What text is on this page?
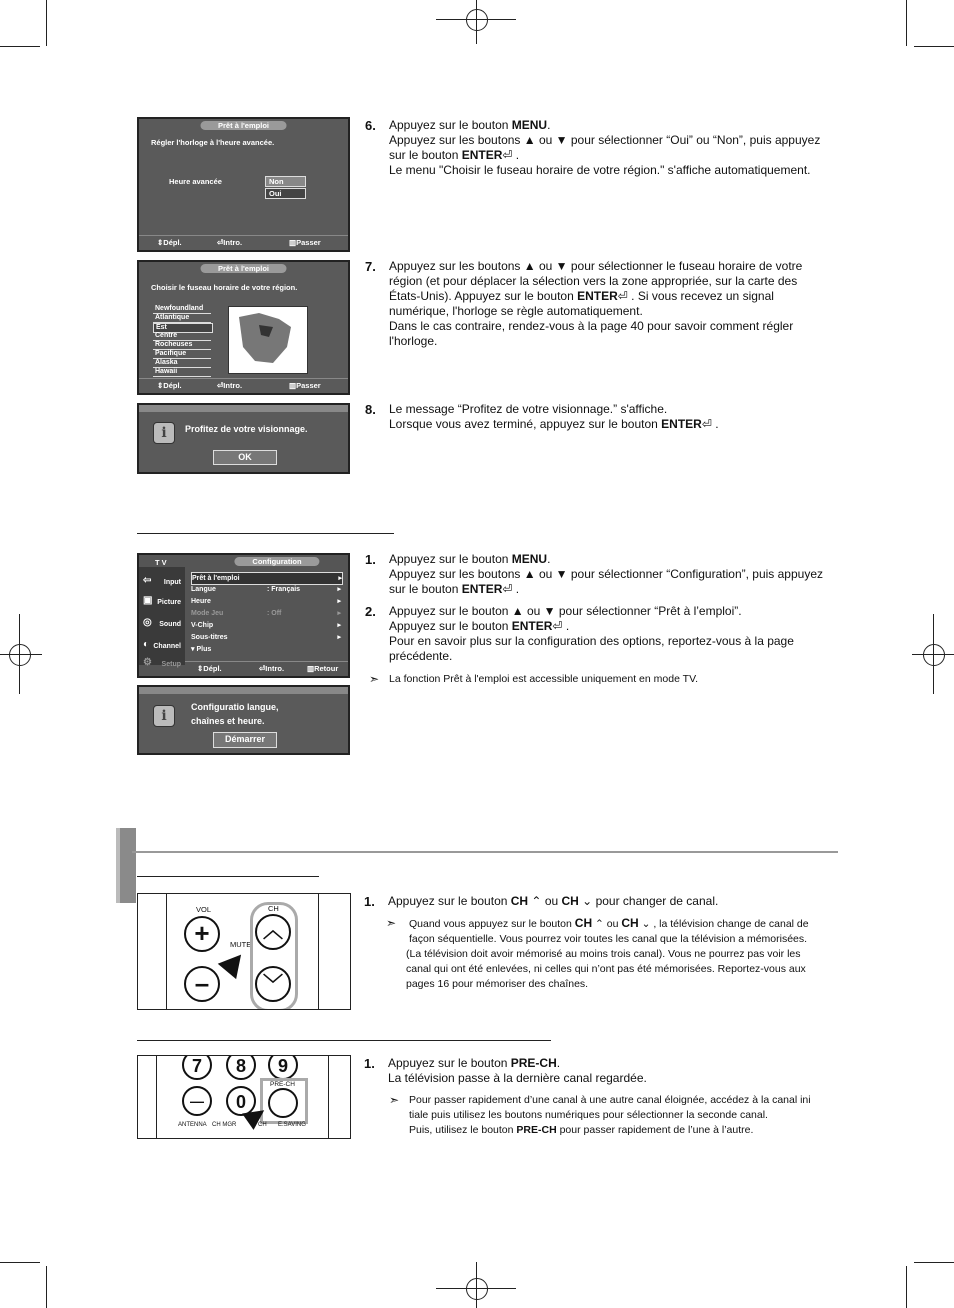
Prêt à l'emploi
Régler l'horloge à l'heure avancée.
Heure avancée	Non
Oui
⇕ Dépl.	⏎ Intro.	▥ Passer
6. Appuyez sur le bouton MENU.
Appuyez sur les boutons ▲ ou ▼ pour sélectionner “Oui” ou “Non”, puis appuyez
sur le bouton ENTER⏎ .
Le menu "Choisir le fuseau horaire de votre région." s'affiche automatiquement.
Prêt à l'emploi
Choisir le fuseau horaire de votre région.
Newfoundland
Atlantique
Est
Centre
Rocheuses
Pacifique
Alaska
Hawaii
⇕ Dépl.	⏎ Intro.	▥ Passer
7. Appuyez sur les boutons ▲ ou ▼ pour sélectionner le fuseau horaire de votre
région (et pour déplacer la sélection vers la zone appropriée, sur la carte des
États-Unis). Appuyez sur le bouton ENTER⏎ . Si vous recevez un signal
numérique, l'horloge se règle automatiquement.
Dans le cas contraire, rendez-vous à la page 40 pour savoir comment régler
l'horloge.
i	Profitez de votre visionnage.
OK
8. Le message “Profitez de votre visionnage.” s'affiche.
Lorsque vous avez terminé, appuyez sur le bouton ENTER⏎ .
T V	Configuration
⇦ Input
▣ Picture
◎ Sound
◐ Channel
⚙ Setup
Prêt à l'emploi	▸
Langue	: Français	▸
Heure	▸
Mode Jeu	: Off	▸
V-Chip	▸
Sous-titres	▸
▾ Plus
⇕ Dépl.	⏎ Intro.	▥ Retour
1. Appuyez sur le bouton MENU.
Appuyez sur les boutons ▲ ou ▼ pour sélectionner “Configuration”, puis appuyez
sur le bouton ENTER⏎ .
2. Appuyez sur le bouton ▲ ou ▼ pour sélectionner “Prêt à l’emploi”.
Appuyez sur le bouton ENTER⏎ .
Pour en savoir plus sur la configuration des options, reportez-vous à la page
précédente.
➣ La fonction Prêt à l'emploi est accessible uniquement en mode TV.
i
Configuratio langue,
chaînes et heure.
Démarrer
VOL	CH
MUTE
+
–
︿
﹀
1. Appuyez sur le bouton CH ⌃ ou CH ⌄ pour changer de canal.
➣ Quand vous appuyez sur le bouton CH ⌃ ou CH ⌄ , la télévision change de canal de
façon séquentielle. Vous pourrez voir toutes les canal que la télévision a mémorisées.
(La télévision doit avoir mémorisé au moins trois canal). Vous ne pourrez pas voir les
canal qui ont été enlevées, ni celles qui n’ont pas été mémorisées. Reportez-vous aux
pages 16 pour mémoriser des chaînes.
7	8	9
—	0
PRE-CH
ANTENNA CH MGR	CH E.SAVING
1. Appuyez sur le bouton PRE-CH.
La télévision passe à la dernière canal regardée.
➣ Pour passer rapidement d’une canal à une autre canal éloignée, accédez à la canal ini
tiale puis utilisez les boutons numériques pour sélectionner la seconde canal.
Puis, utilisez le bouton PRE-CH pour passer rapidement de l’une à l’autre.
